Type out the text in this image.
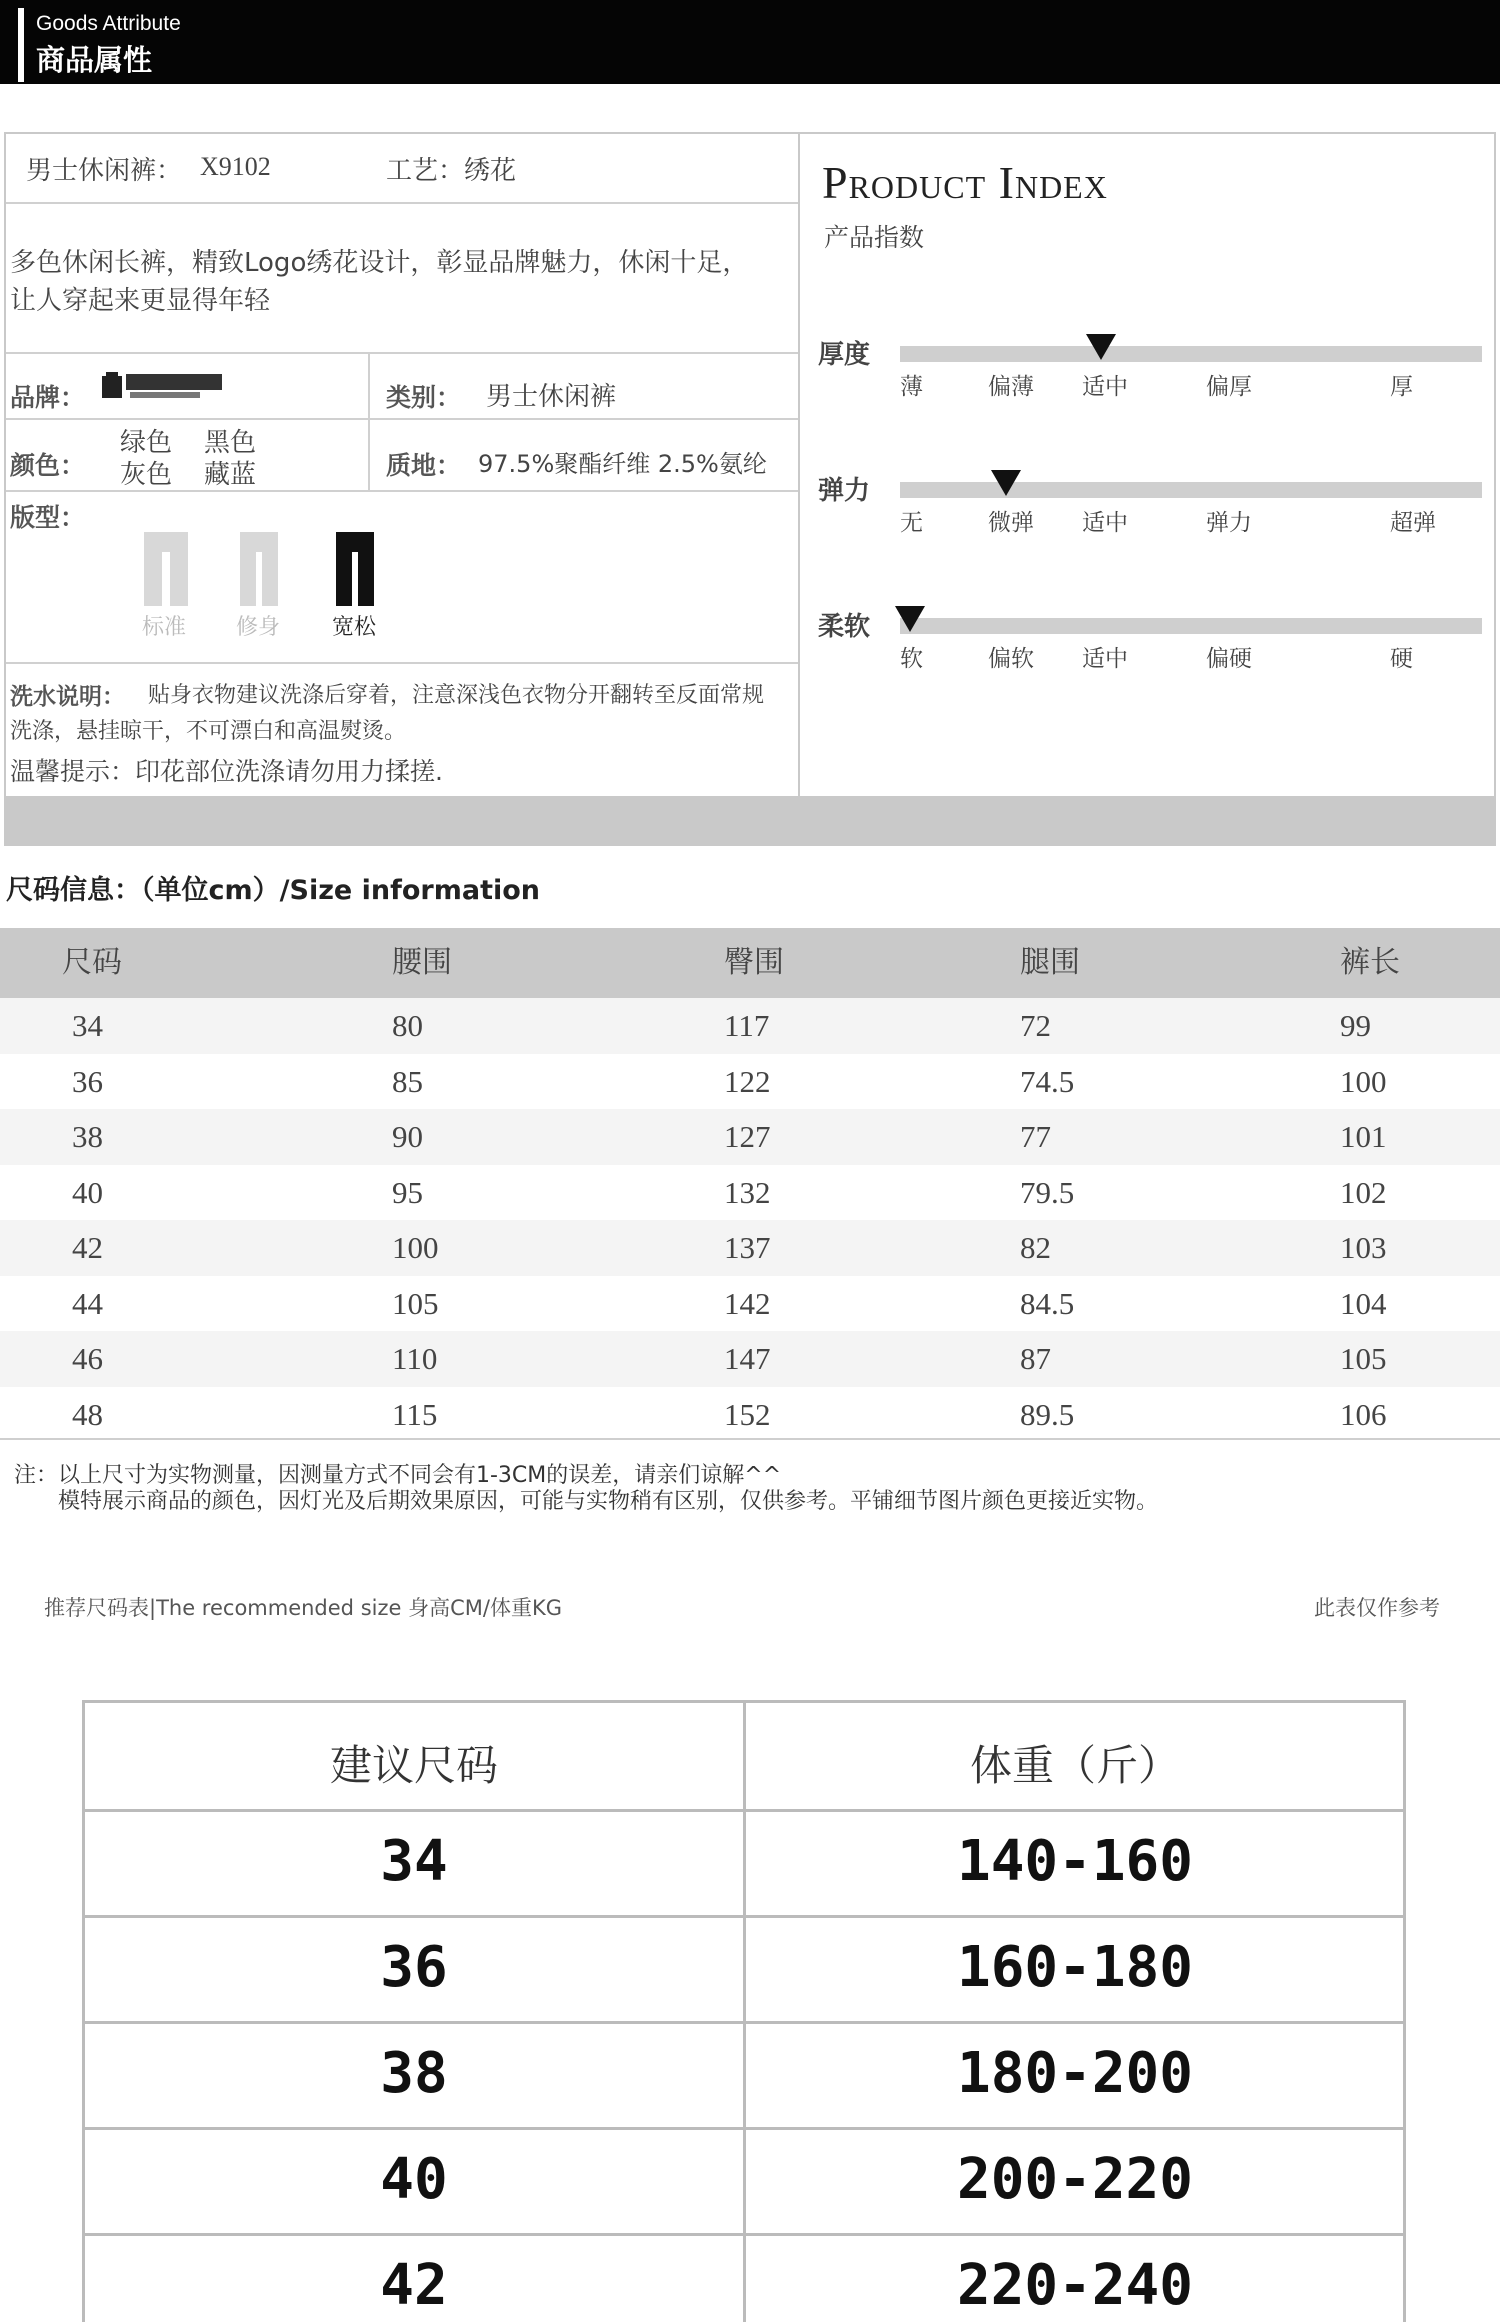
Goods Attribute
商品属性
男士休闲裤： X9102	工艺：绣花
多色休闲长裤，精致Logo绣花设计，彰显品牌魅力，休闲十足，
让人穿起来更显得年轻
品牌：	类别： 男士休闲裤
颜色：
绿色 黑色
灰色 藏蓝	质地： 97.5%聚酯纤维 2.5%氨纶
版型：
标准 修身 宽松
洗水说明： 贴身衣物建议洗涤后穿着，注意深浅色衣物分开翻转至反面常规
洗涤，悬挂晾干，不可漂白和高温熨烫。
温馨提示：印花部位洗涤请勿用力揉搓.
Product Index
产品指数
厚度
薄	偏薄 适中	偏厚	厚
弹力
无	微弹 适中	弹力	超弹
柔软
软	偏软 适中	偏硬	硬
尺码信息：（单位cm）/Size information
尺码	腰围	臀围	腿围	裤长
34	80	117	72	99
36	85	122	74.5	100
38	90	127	77	101
40	95	132	79.5	102
42	100	137	82	103
44	105	142	84.5	104
46	110	147	87	105
48	115	152	89.5	106
注：以上尺寸为实物测量，因测量方式不同会有1-3CM的误差，请亲们谅解^^
模特展示商品的颜色，因灯光及后期效果原因，可能与实物稍有区别，仅供参考。平铺细节图片颜色更接近实物。
推荐尺码表|The recommended size 身高CM/体重KG	此表仅作参考
建议尺码	体重（斤）
34	140-160
36	160-180
38	180-200
40	200-220
42	220-240
